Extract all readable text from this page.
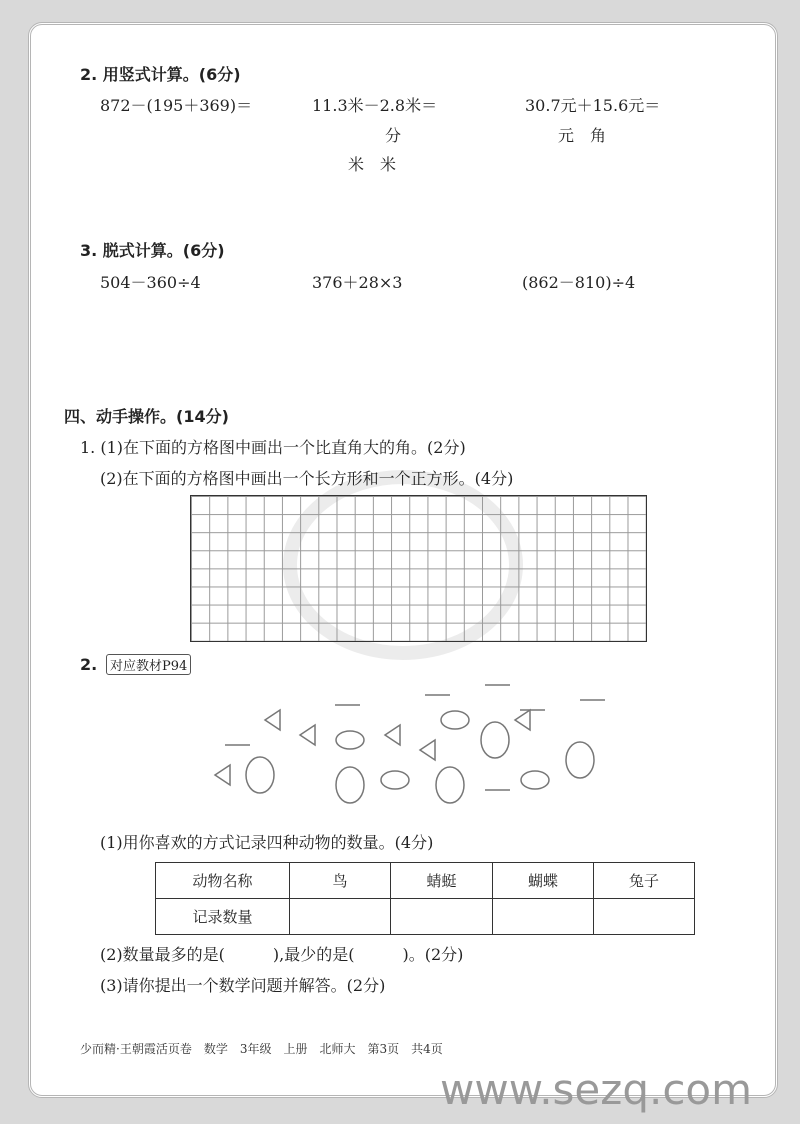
2. 用竖式计算。(6分)
872－(195＋369)＝	11.3米－2.8米＝	30.7元＋15.6元＝
分	元　角
米　米
3. 脱式计算。(6分)
504－360÷4	376＋28×3	(862－810)÷4
四、动手操作。(14分)
1. (1)在下面的方格图中画出一个比直角大的角。(2分)
(2)在下面的方格图中画出一个长方形和一个正方形。(4分)
2. 对应教材P94
(1)用你喜欢的方式记录四种动物的数量。(4分)
动物名称	鸟	蜻蜓	蝴蝶	兔子
记录数量				
(2)数量最多的是(　　　),最少的是(　　　)。(2分)
(3)请你提出一个数学问题并解答。(2分)
少而精·王朝霞活页卷　数学　3年级　上册　北师大　第3页　共4页
www.sezq.com
